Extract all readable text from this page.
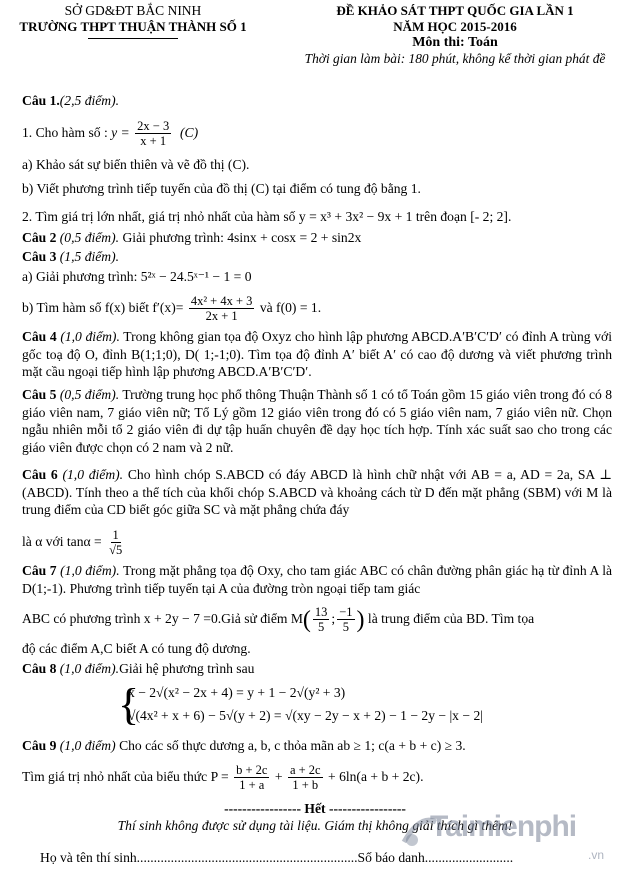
SỞ GD&ĐT BẮC NINH
TRƯỜNG THPT THUẬN THÀNH SỐ 1
ĐỀ KHẢO SÁT THPT QUỐC GIA LẦN 1
NĂM HỌC 2015-2016
Môn thi: Toán
Thời gian làm bài: 180 phút, không kể thời gian phát đề
Câu 1.(2,5 điểm).
1. Cho hàm số : $y = \frac{2x - 3}{x + 1} (C)$
a) Khảo sát sự biến thiên và vẽ đồ thị (C).
b) Viết phương trình tiếp tuyến của đồ thị (C) tại điểm có tung độ bằng 1.
2. Tìm giá trị lớn nhất, giá trị nhỏ nhất của hàm số y = x³ + 3x² − 9x + 1 trên đoạn [- 2; 2].
Câu 2 (0,5 điểm). Giải phương trình: 4sinx + cosx = 2 + sin2x
Câu 3 (1,5 điểm).
a) Giải phương trình: 5²ˣ − 24.5ˣ⁻¹ − 1 = 0
b) Tìm hàm số f(x) biết $f'(x)= \frac{\text{4x² + 4x + 3}}{2x + 1}$ và f(0) = 1.
Câu 4 (1,0 điểm). Trong không gian tọa độ Oxyz cho hình lập phương ABCD.A′B′C′D′ có đỉnh A trùng với gốc toạ độ O, đỉnh B(1;1;0), D( 1;-1;0). Tìm tọa độ đỉnh A′ biết A′ có cao độ dương và viết phương trình mặt cầu ngoại tiếp hình lập phương ABCD.A′B′C′D′.
Câu 5 (0,5 điểm). Trường trung học phổ thông Thuận Thành số 1 có tổ Toán gồm 15 giáo viên trong đó có 8 giáo viên nam, 7 giáo viên nữ; Tổ Lý gồm 12 giáo viên trong đó có 5 giáo viên nam, 7 giáo viên nữ. Chọn ngẫu nhiên mỗi tổ 2 giáo viên đi dự tập huấn chuyên đề dạy học tích hợp. Tính xác suất sao cho trong các giáo viên được chọn có 2 nam và 2 nữ.
Câu 6 (1,0 điểm). Cho hình chóp S.ABCD có đáy ABCD là hình chữ nhật với AB = a, AD = 2a, SA ⊥ (ABCD). Tính theo a thể tích của khối chóp S.ABCD và khoảng cách từ D đến mặt phẳng (SBM) với M là trung điểm của CD biết góc giữa SC và mặt phẳng chứa đáy
là α với $\tan\alpha = \frac{1}{√5}$
Câu 7 (1,0 điểm). Trong mặt phẳng tọa độ Oxy, cho tam giác ABC có chân đường phân giác hạ từ đỉnh A là D(1;-1). Phương trình tiếp tuyến tại A của đường tròn ngoại tiếp tam giác
ABC có phương trình x + 2y − 7 =0.Giả sử điểm $M( \frac{13}{5}$ ; $\frac{-1}{5}$ ) là trung điểm của BD. Tìm tọa
độ các điểm A,C biết A có tung độ dương.
Câu 8 (1,0 điểm).Giải hệ phương trình sau
{
x − 2√(x² − 2x + 4) = y + 1 − 2√(y² + 3)
√(4x² + x + 6) − 5√(y + 2) = √(xy − 2y − x + 2) − 1 − 2y − |x − 2|
Câu 9 (1,0 điểm) Cho các số thực dương a, b, c thỏa mãn ab ≥ 1; c(a + b + c) ≥ 3.
Tìm giá trị nhỏ nhất của biểu thức $P = \frac{b + 2c}{1 + a} + \frac{a + 2c}{1 + b} + 6\ln(a + b + 2c)$.
----------------- Hết -----------------
Thí sinh không được sử dụng tài liệu. Giám thị không giải thích gì thêm!
Họ và tên thí sinh.................................................................Số báo danh..........................
Taimienphi
.vn
